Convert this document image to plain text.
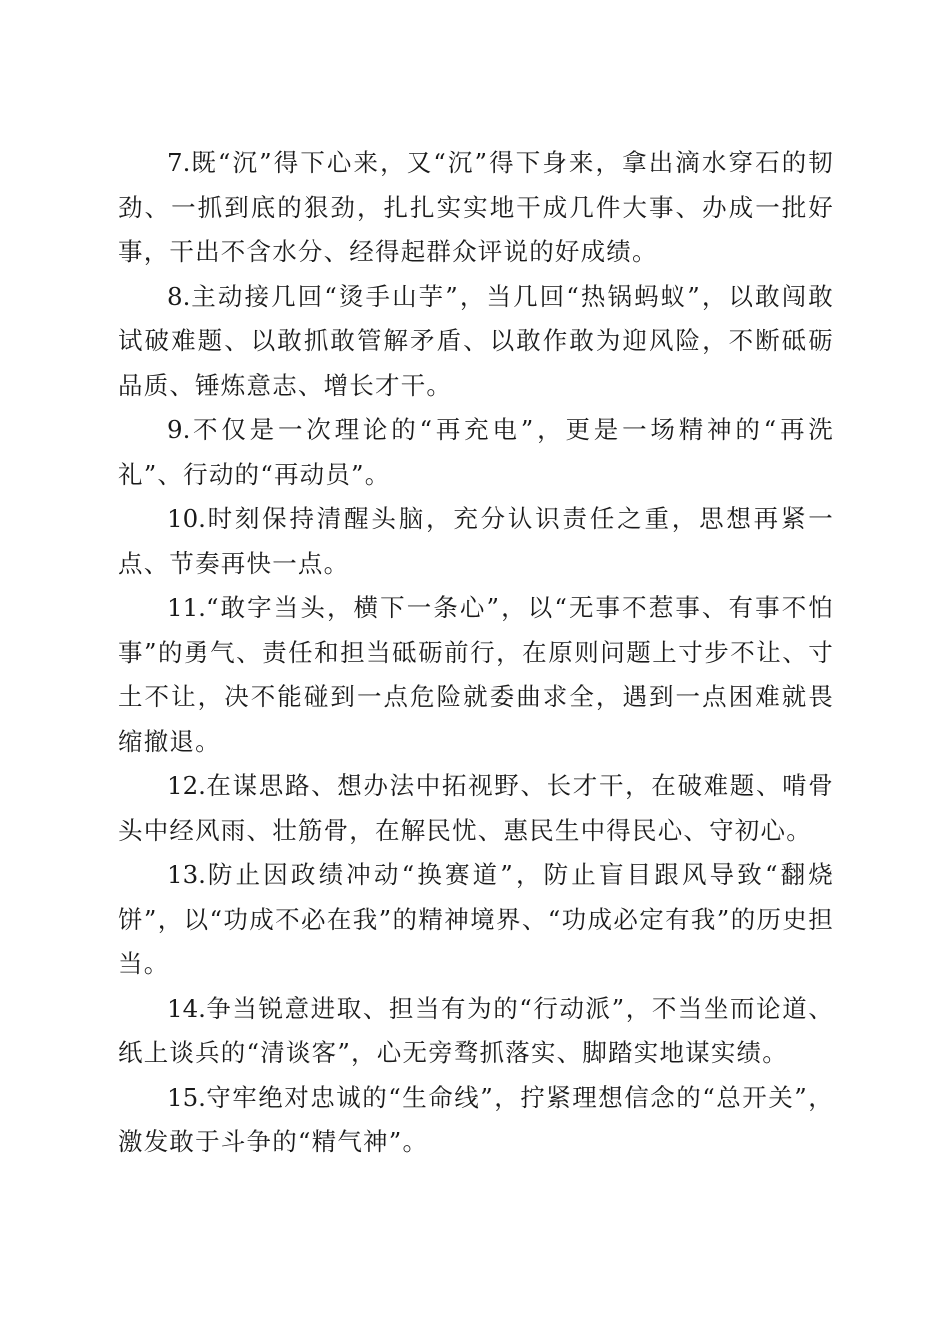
7.既“沉”得下心来，又“沉”得下身来，拿出滴水穿石的韧劲、一抓到底的狠劲，扎扎实实地干成几件大事、办成一批好事，干出不含水分、经得起群众评说的好成绩。

8.主动接几回“烫手山芋”，当几回“热锅蚂蚁”，以敢闯敢试破难题、以敢抓敢管解矛盾、以敢作敢为迎风险，不断砥砺品质、锤炼意志、增长才干。

9.不仅是一次理论的“再充电”，更是一场精神的“再洗礼”、行动的“再动员”。

10.时刻保持清醒头脑，充分认识责任之重，思想再紧一点、节奏再快一点。

11.“敢字当头，横下一条心”，以“无事不惹事、有事不怕事”的勇气、责任和担当砥砺前行，在原则问题上寸步不让、寸土不让，决不能碰到一点危险就委曲求全，遇到一点困难就畏缩撤退。

12.在谋思路、想办法中拓视野、长才干，在破难题、啃骨头中经风雨、壮筋骨，在解民忧、惠民生中得民心、守初心。

13.防止因政绩冲动“换赛道”，防止盲目跟风导致“翻烧饼”，以“功成不必在我”的精神境界、“功成必定有我”的历史担当。

14.争当锐意进取、担当有为的“行动派”，不当坐而论道、纸上谈兵的“清谈客”，心无旁骛抓落实、脚踏实地谋实绩。

15.守牢绝对忠诚的“生命线”，拧紧理想信念的“总开关”，激发敢于斗争的“精气神”。
